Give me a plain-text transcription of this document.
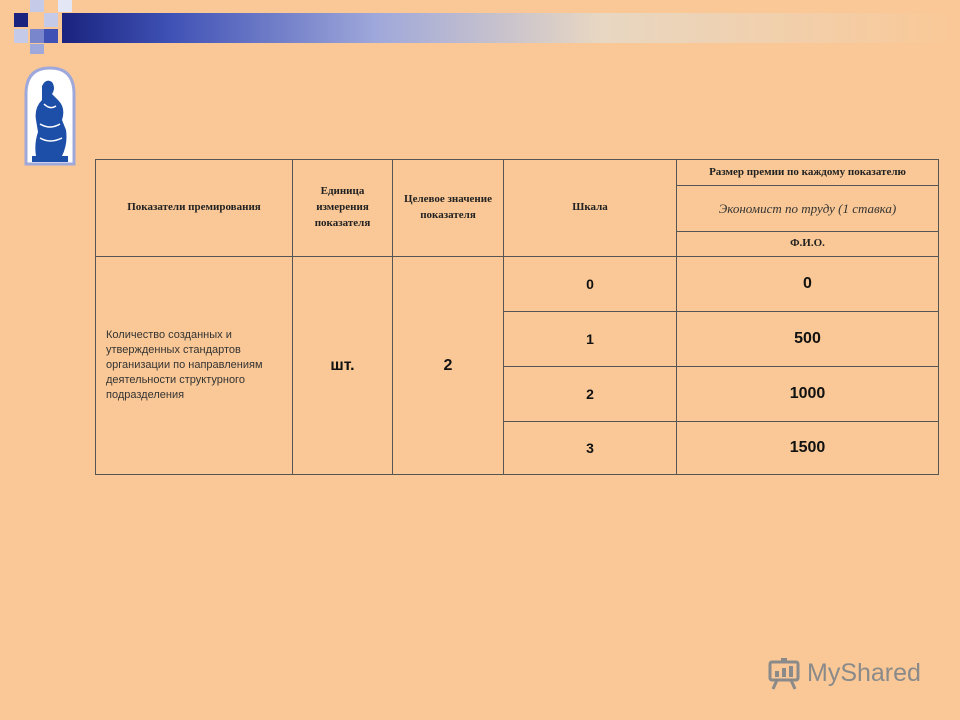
Показатели премирования	Единица измерения показателя	Целевое значение показателя	Шкала	Размер премии по каждому показателю
				Экономист по труду (1 ставка)
				Ф.И.О.
Количество созданных и утвержденных стандартов организации по направлениям деятельности структурного подразделения	шт.	2	0	0
			1	500
			2	1000
			3	1500
MyShared
